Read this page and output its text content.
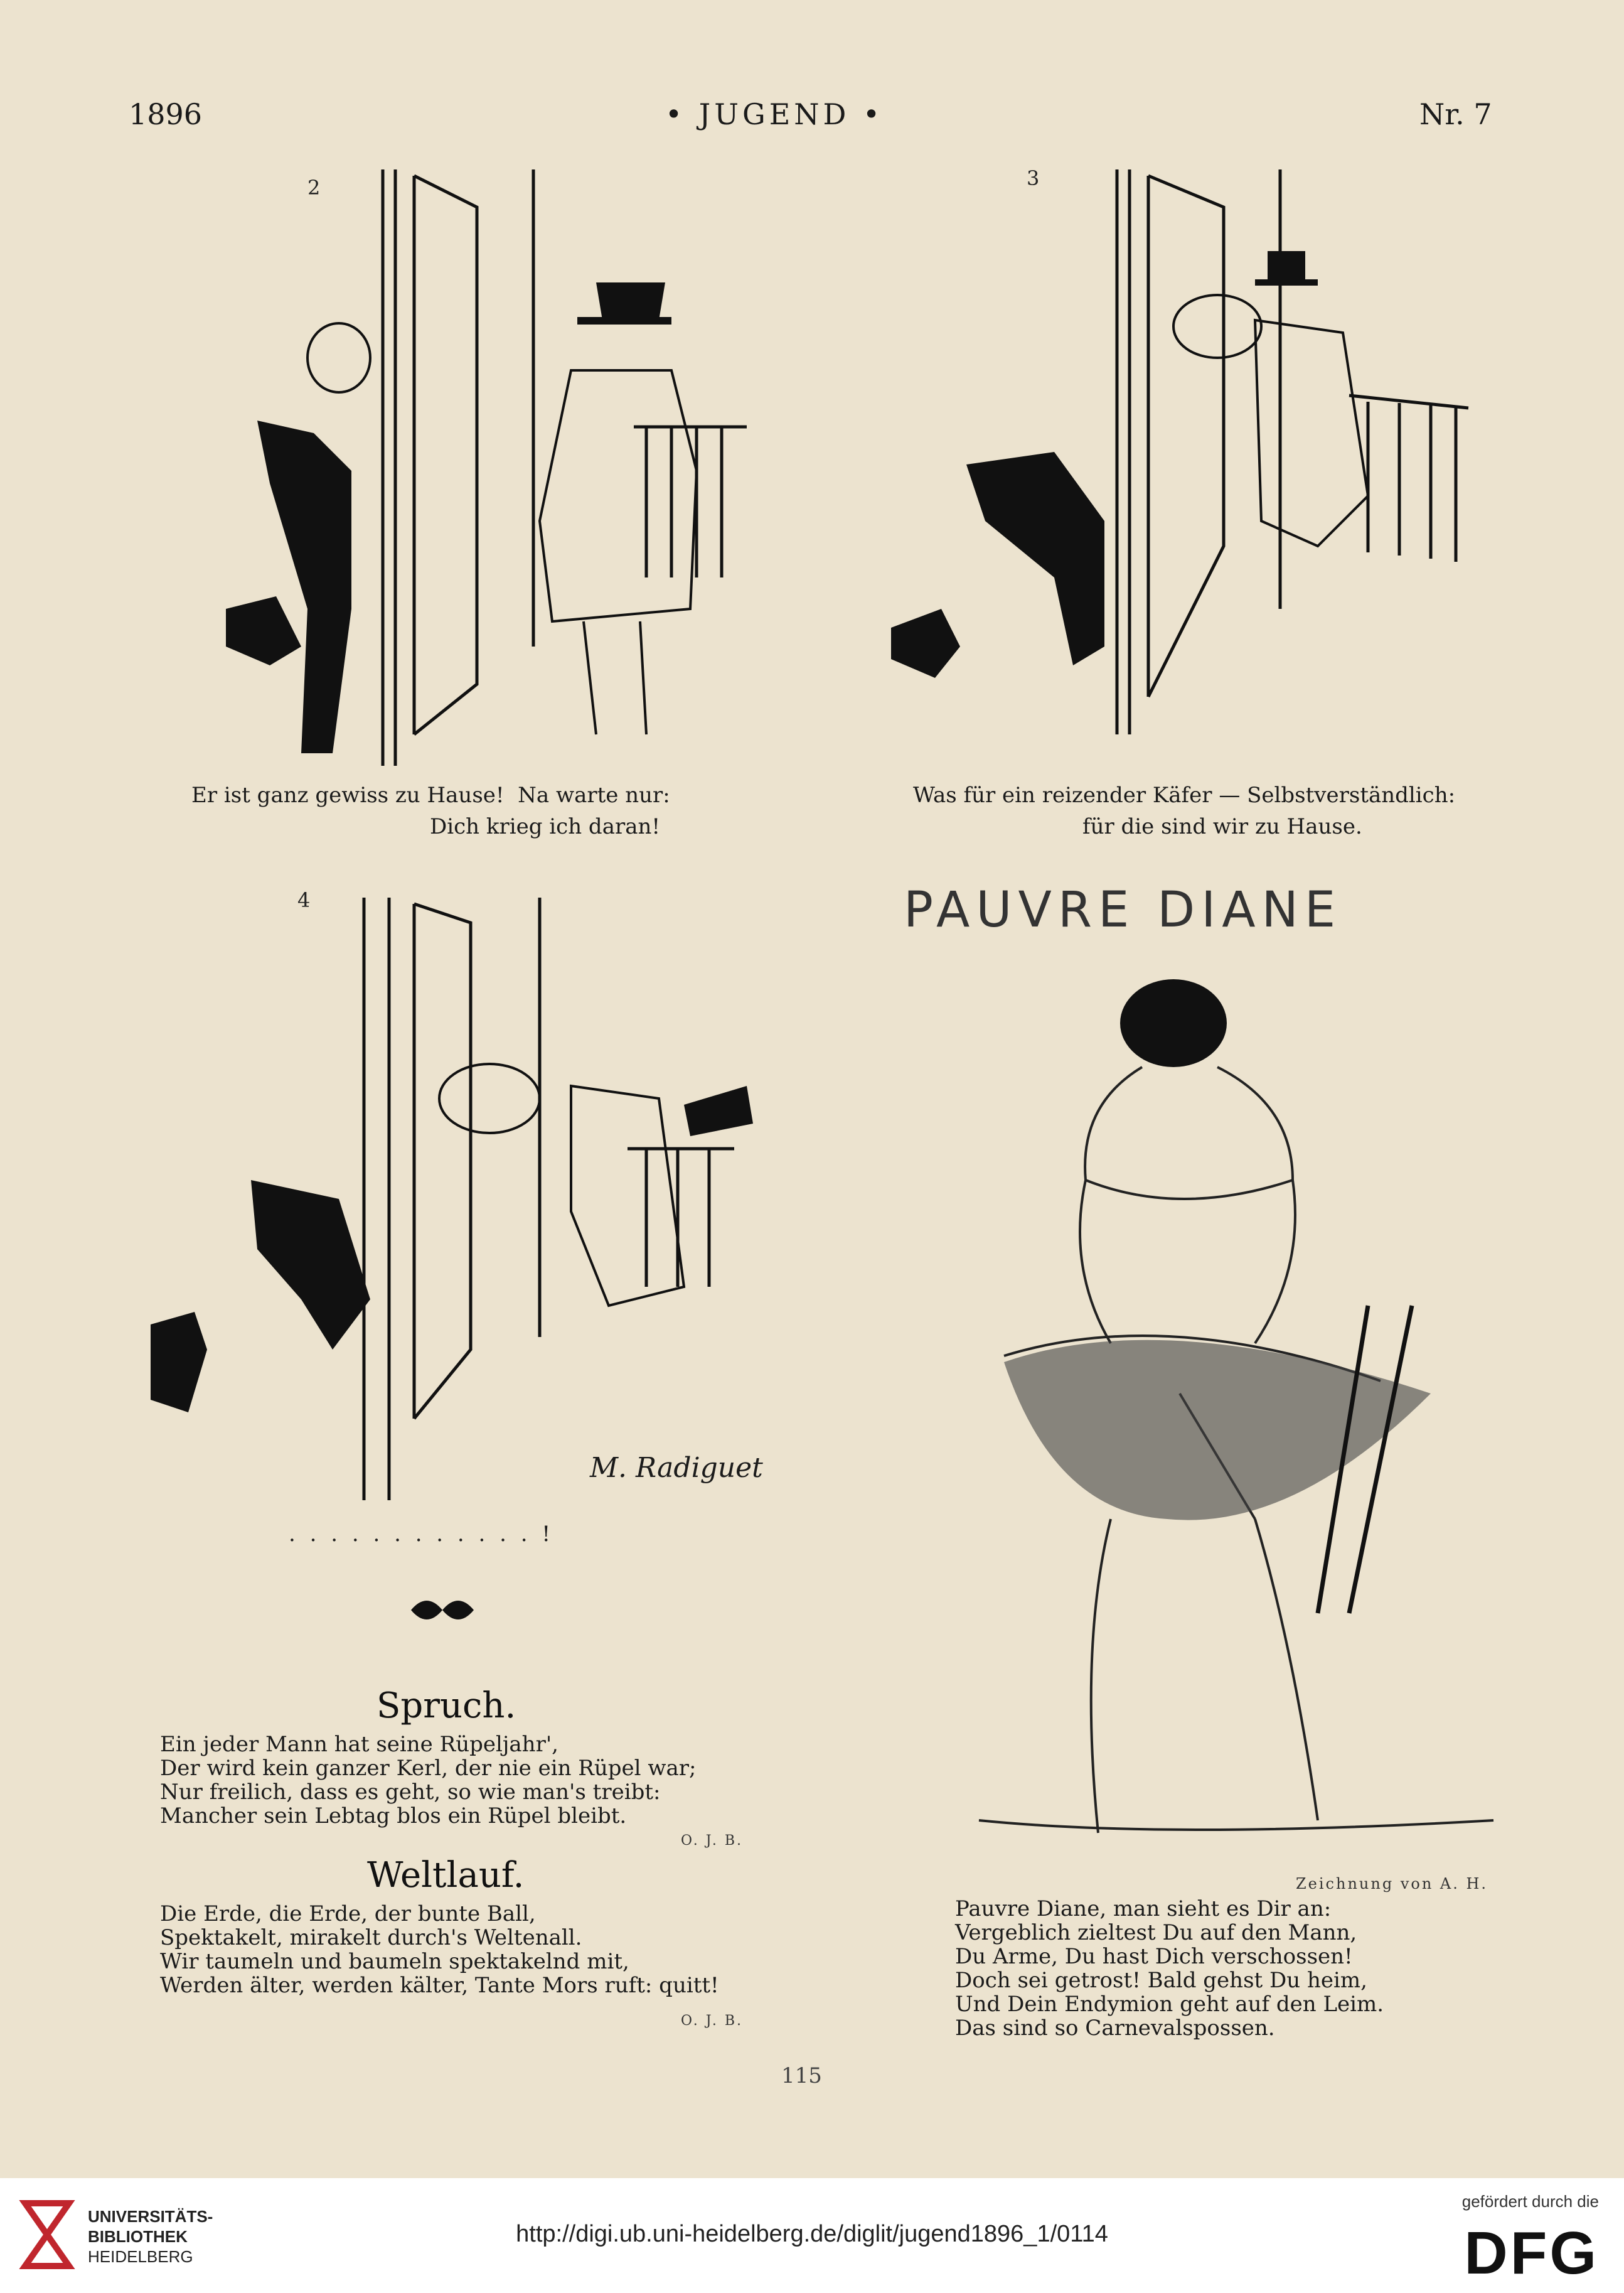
1896	• JUGEND •	Nr. 7
2
Er ist ganz gewiss zu Hause!  Na warte nur:
Dich krieg ich daran!
3
Was für ein reizender Käfer — Selbstverständlich:
für die sind wir zu Hause.
4
M. Radiguet
. . . . . . . . . . . . !
Spruch.
Ein jeder Mann hat seine Rüpeljahr',
Der wird kein ganzer Kerl, der nie ein Rüpel war;
Nur freilich, dass es geht, so wie man's treibt:
Mancher sein Lebtag blos ein Rüpel bleibt.
O. J. B.
Weltlauf.
Die Erde, die Erde, der bunte Ball,
Spektakelt, mirakelt durch's Weltenall.
Wir taumeln und baumeln spektakelnd mit,
Werden älter, werden kälter, Tante Mors ruft: quitt!
O. J. B.
PAUVRE DIANE
Zeichnung von A. H.
Pauvre Diane, man sieht es Dir an:
Vergeblich zieltest Du auf den Mann,
Du Arme, Du hast Dich verschossen!
Doch sei getrost! Bald gehst Du heim,
Und Dein Endymion geht auf den Leim.
Das sind so Carnevalspossen.
115
UNIVERSITÄTS-
BIBLIOTHEK
HEIDELBERG
http://digi.ub.uni-heidelberg.de/diglit/jugend1896_1/0114
gefördert durch die
DFG
